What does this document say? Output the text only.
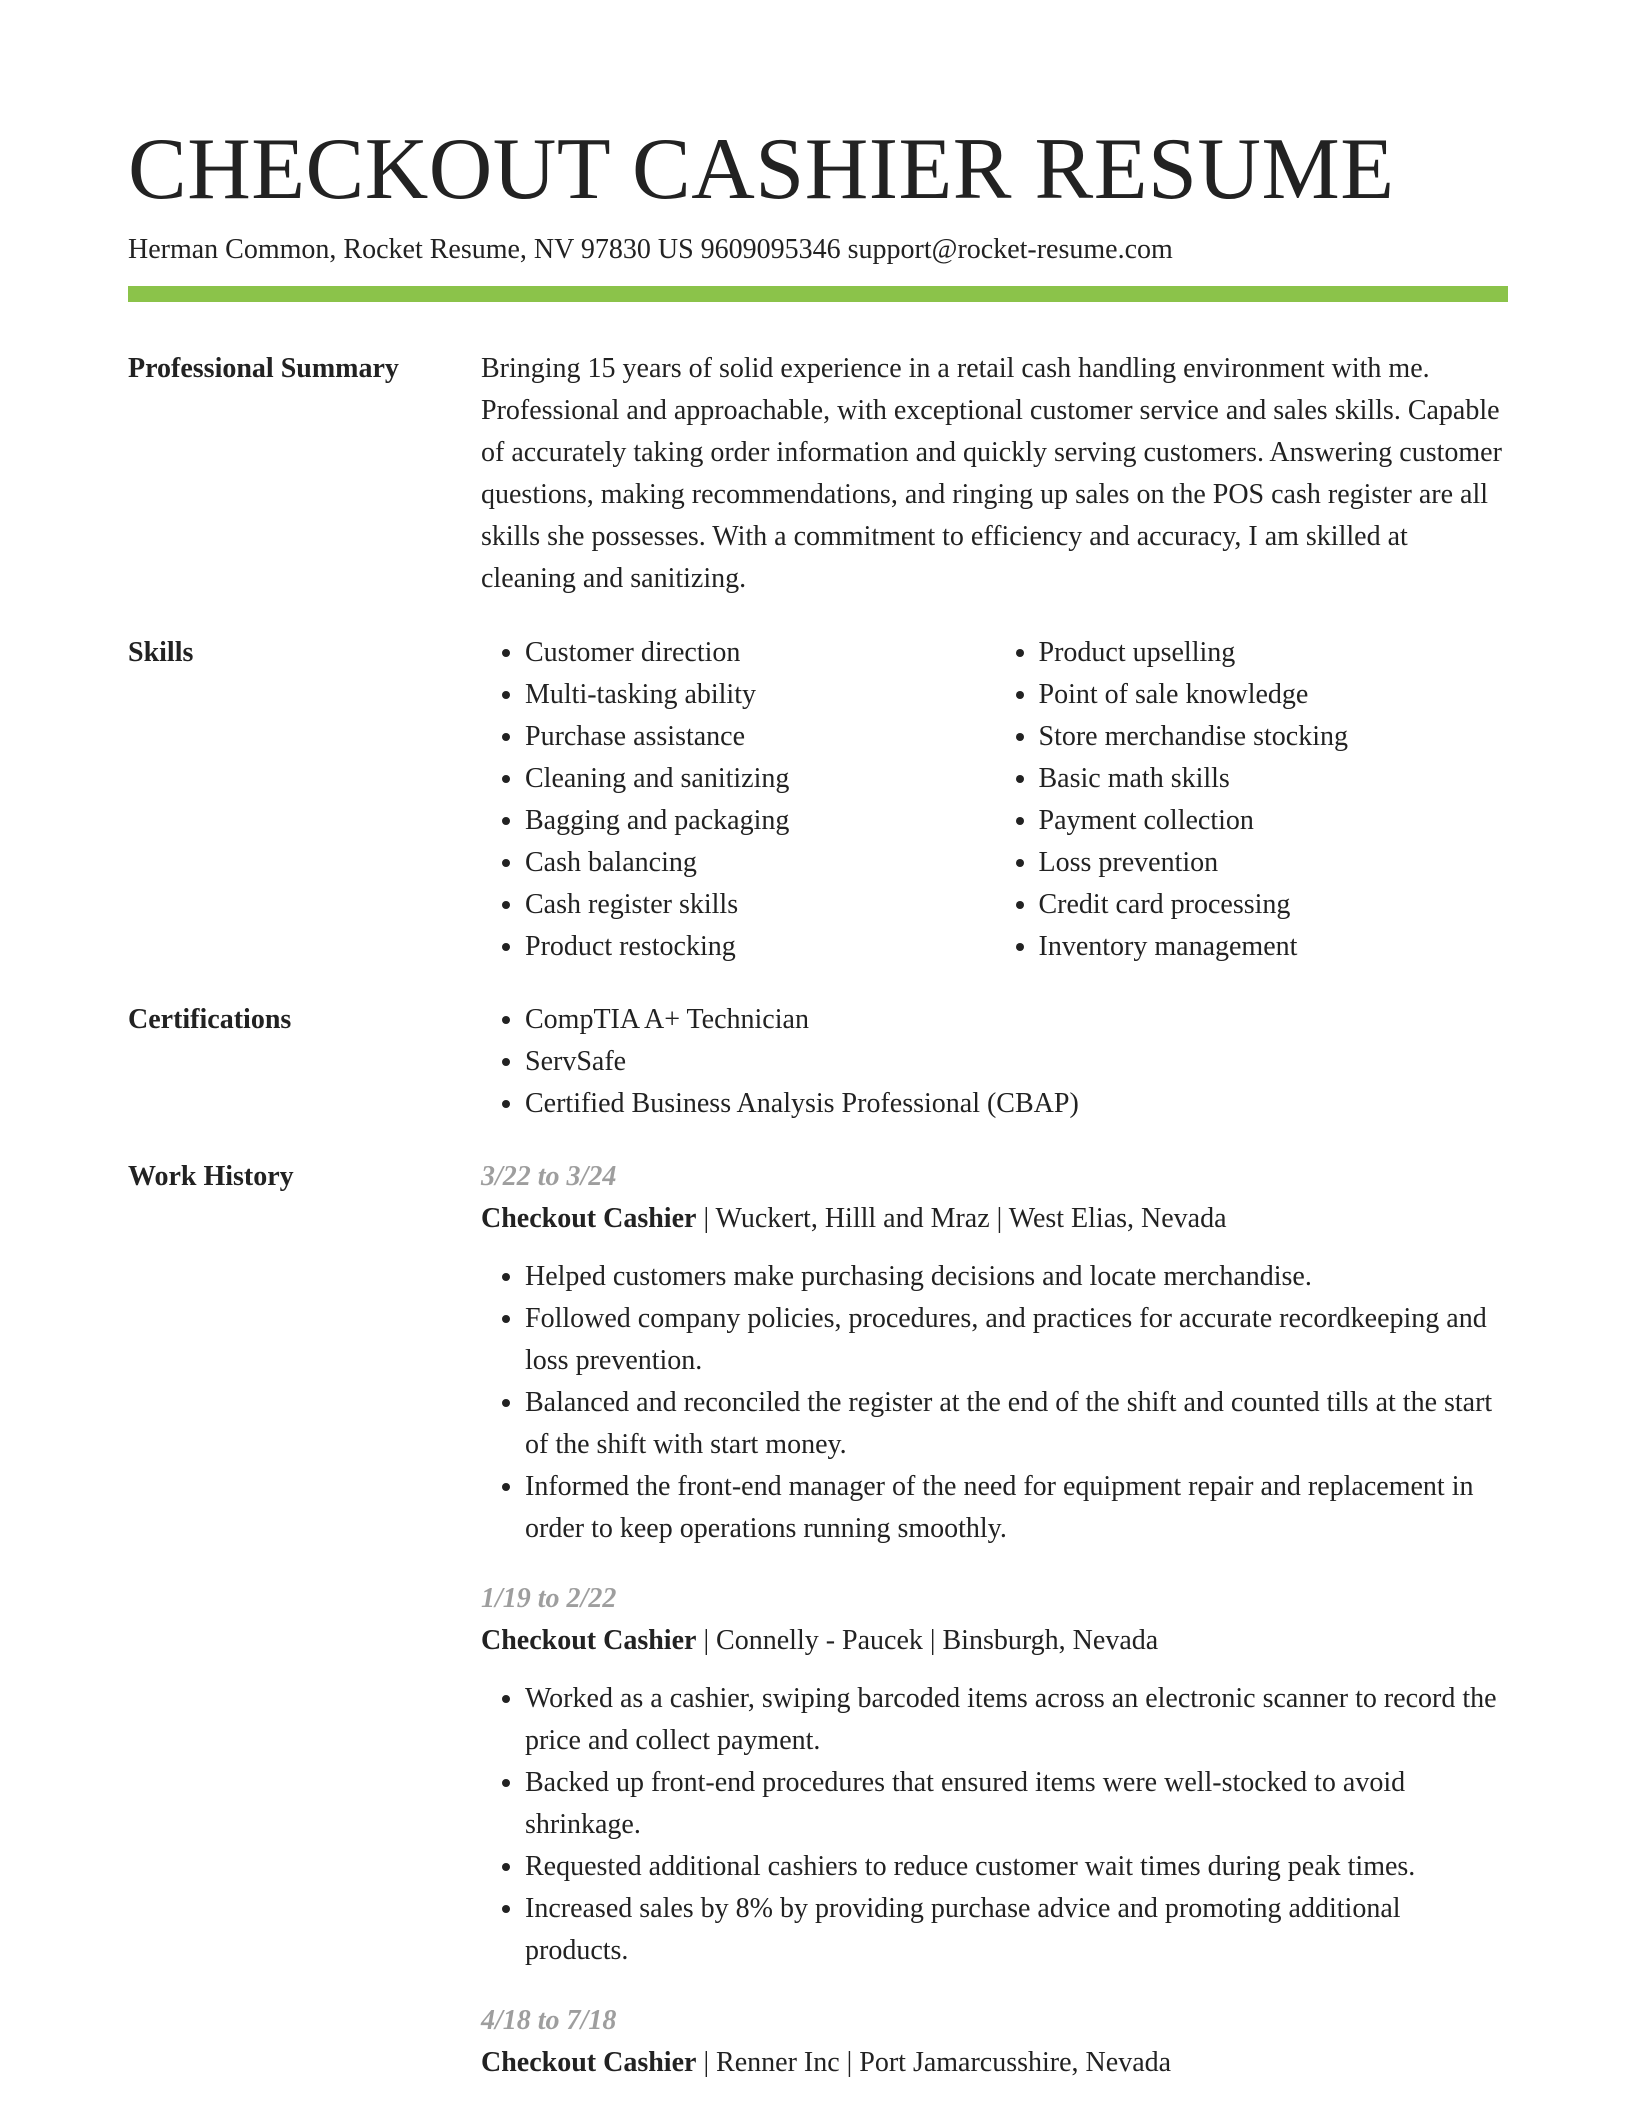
CHECKOUT CASHIER RESUME
Herman Common, Rocket Resume, NV 97830 US 9609095346 support@rocket-resume.com
Professional Summary	Bringing 15 years of solid experience in a retail cash handling environment with me. Professional and approachable, with exceptional customer service and sales skills. Capable of accurately taking order information and quickly serving customers. Answering customer questions, making recommendations, and ringing up sales on the POS cash register are all skills she possesses. With a commitment to efficiency and accuracy, I am skilled at cleaning and sanitizing.

Skills	• Customer direction
• Multi-tasking ability
• Purchase assistance
• Cleaning and sanitizing
• Bagging and packaging
• Cash balancing
• Cash register skills
• Product restocking
• Product upselling
• Point of sale knowledge
• Store merchandise stocking
• Basic math skills
• Payment collection
• Loss prevention
• Credit card processing
• Inventory management
Certifications	• CompTIA A+ Technician
• ServSafe
• Certified Business Analysis Professional (CBAP)
Work History	3/22 to 3/24
Checkout Cashier | Wuckert, Hilll and Mraz | West Elias, Nevada
• Helped customers make purchasing decisions and locate merchandise.
• Followed company policies, procedures, and practices for accurate recordkeeping and loss prevention.
• Balanced and reconciled the register at the end of the shift and counted tills at the start of the shift with start money.
• Informed the front-end manager of the need for equipment repair and replacement in order to keep operations running smoothly.
1/19 to 2/22
Checkout Cashier | Connelly - Paucek | Binsburgh, Nevada
• Worked as a cashier, swiping barcoded items across an electronic scanner to record the price and collect payment.
• Backed up front-end procedures that ensured items were well-stocked to avoid shrinkage.
• Requested additional cashiers to reduce customer wait times during peak times.
• Increased sales by 8% by providing purchase advice and promoting additional products.
4/18 to 7/18
Checkout Cashier | Renner Inc | Port Jamarcusshire, Nevada
